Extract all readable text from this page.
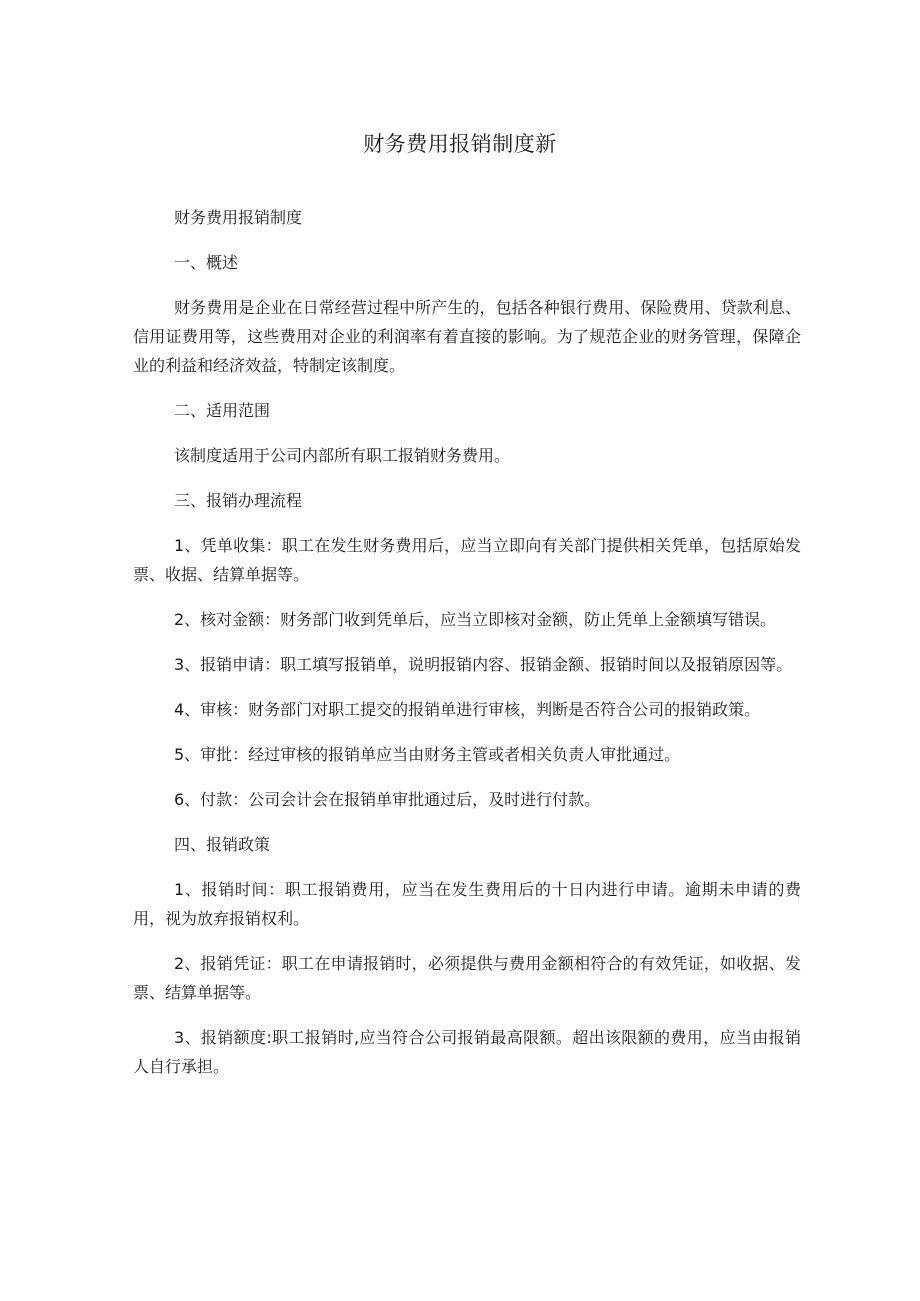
财务费用报销制度新

财务费用报销制度

一、概述

财务费用是企业在日常经营过程中所产生的，包括各种银行费用、保险费用、贷款利息、信用证费用等，这些费用对企业的利润率有着直接的影响。为了规范企业的财务管理，保障企业的利益和经济效益，特制定该制度。

二、适用范围

该制度适用于公司内部所有职工报销财务费用。

三、报销办理流程

1、凭单收集：职工在发生财务费用后，应当立即向有关部门提供相关凭单，包括原始发票、收据、结算单据等。

2、核对金额：财务部门收到凭单后，应当立即核对金额，防止凭单上金额填写错误。

3、报销申请：职工填写报销单，说明报销内容、报销金额、报销时间以及报销原因等。

4、审核：财务部门对职工提交的报销单进行审核，判断是否符合公司的报销政策。

5、审批：经过审核的报销单应当由财务主管或者相关负责人审批通过。

6、付款：公司会计会在报销单审批通过后，及时进行付款。

四、报销政策

1、报销时间：职工报销费用，应当在发生费用后的十日内进行申请。逾期未申请的费用，视为放弃报销权利。

2、报销凭证：职工在申请报销时，必须提供与费用金额相符合的有效凭证，如收据、发票、结算单据等。

3、报销额度:职工报销时,应当符合公司报销最高限额。超出该限额的费用，应当由报销人自行承担。
